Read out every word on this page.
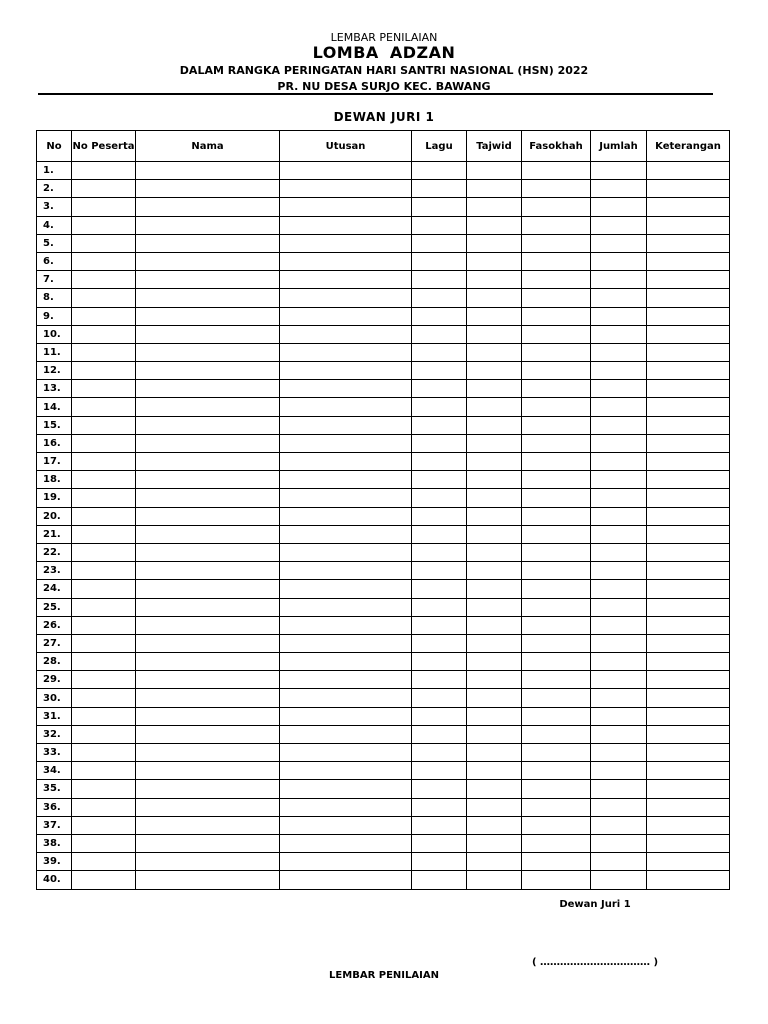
LEMBAR PENILAIAN
LOMBA ADZAN
DALAM RANGKA PERINGATAN HARI SANTRI NASIONAL (HSN) 2022
PR. NU DESA SURJO KEC. BAWANG
DEWAN JURI 1
No	No Peserta	Nama	Utusan	Lagu	Tajwid	Fasokhah	Jumlah	Keterangan
1.								
2.								
3.								
4.								
5.								
6.								
7.								
8.								
9.								
10.								
11.								
12.								
13.								
14.								
15.								
16.								
17.								
18.								
19.								
20.								
21.								
22.								
23.								
24.								
25.								
26.								
27.								
28.								
29.								
30.								
31.								
32.								
33.								
34.								
35.								
36.								
37.								
38.								
39.								
40.								
Dewan Juri 1
( …………………………… )
LEMBAR PENILAIAN
